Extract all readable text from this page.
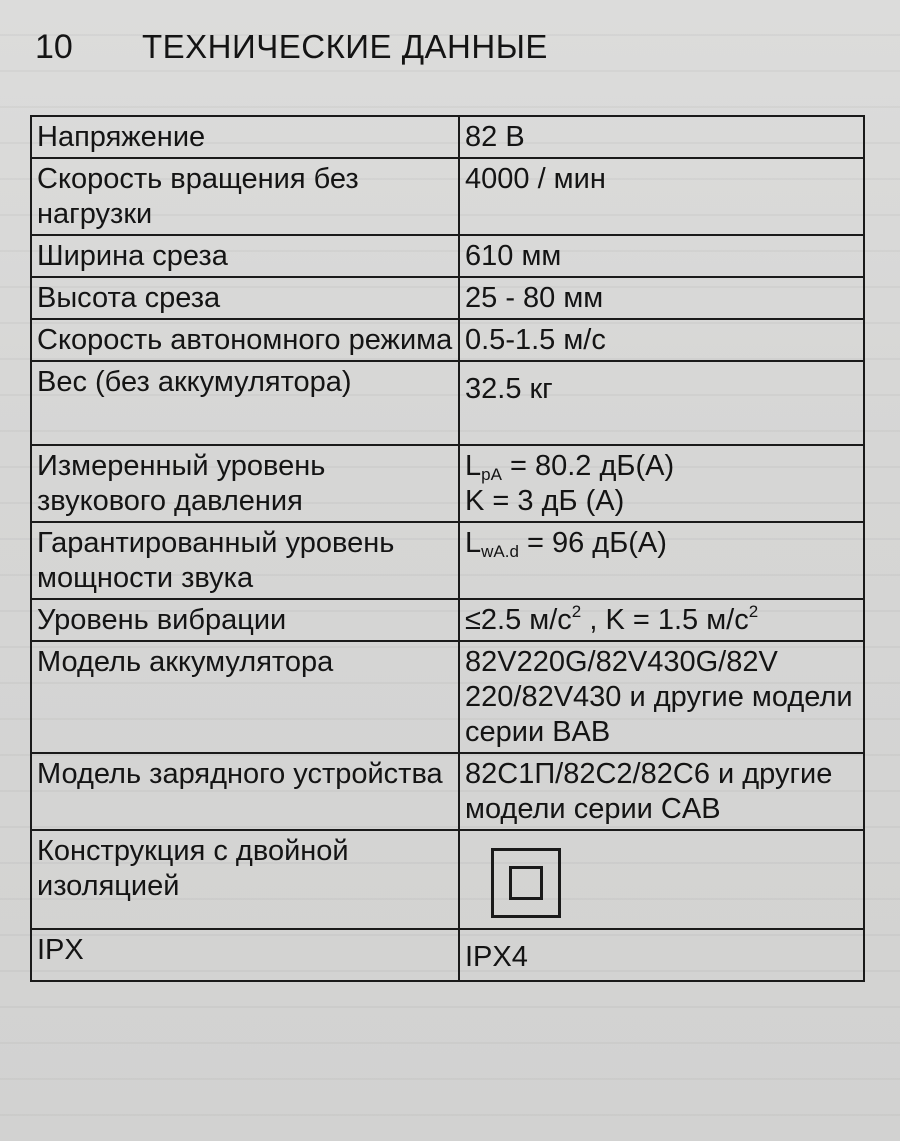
10 ТЕХНИЧЕСКИЕ ДАННЫЕ
Напряжение	82 В
Скорость вращения без нагрузки	4000 / мин
Ширина среза	610 мм
Высота среза	25 - 80 мм
Скорость автономного режима	0.5-1.5 м/с
Вес (без аккумулятора)	32.5 кг
Измеренный уровень звукового давления	$L_{pA} = 80.2$ дБ(A)
K = 3 дБ (A)
Гарантированный уровень мощности звука	$L_{wA.d} = 96$ дБ(A)
Уровень вибрации	≤2.5 $м/с^2$ , K = 1.5 $м/с^2$
Модель аккумулятора	82V220G/82V430G/82V 220/82V430 и другие модели серии BAB
Модель зарядного устройства	82C1П/82C2/82C6 и другие модели серии CAB
Конструкция с двойной изоляцией	

IPX	IPX4
